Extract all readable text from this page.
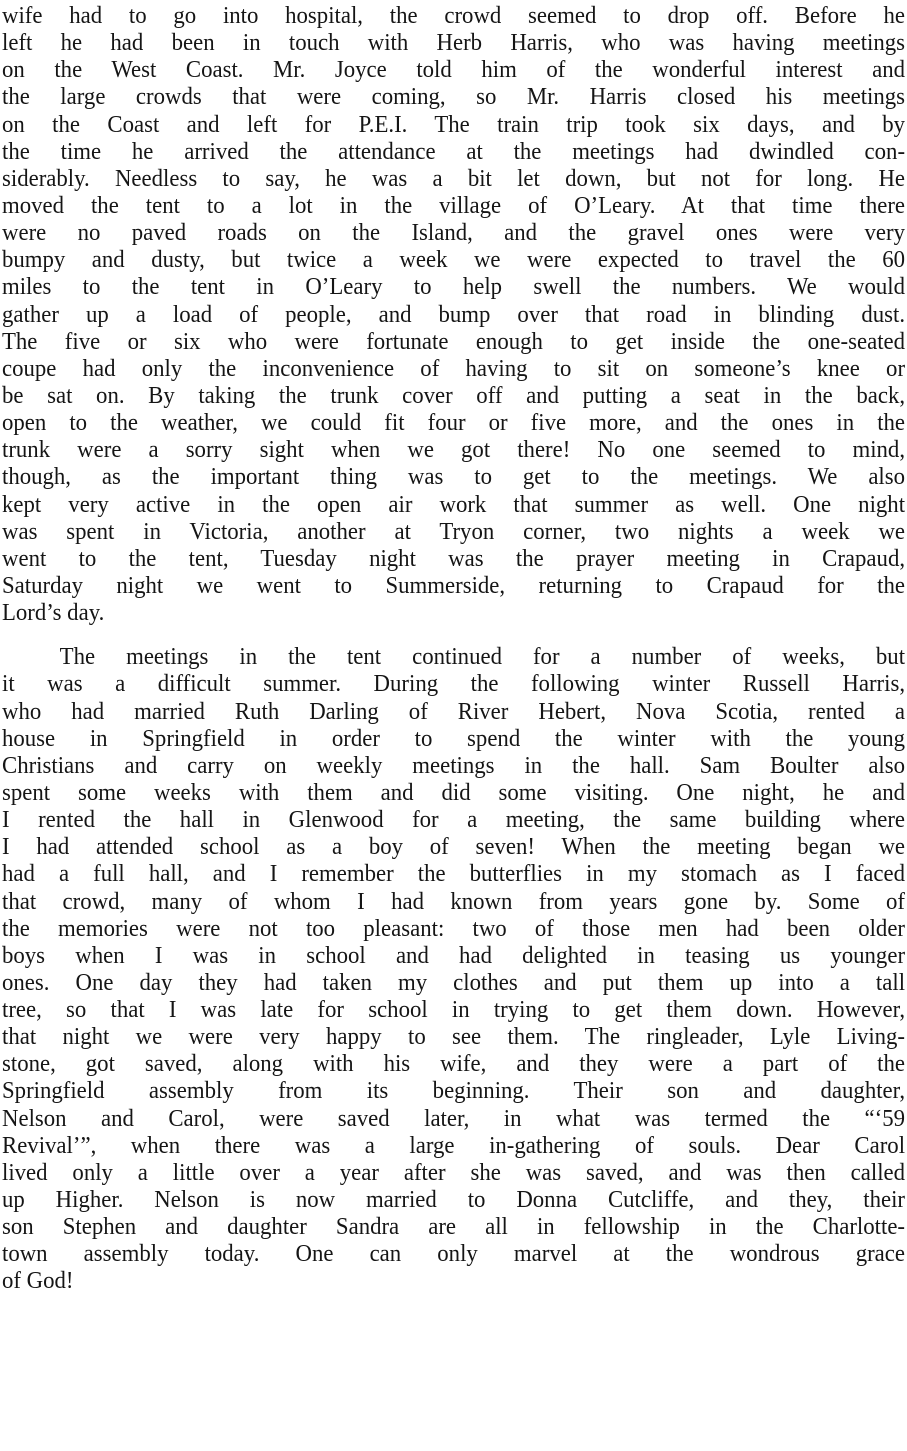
wife had to go into hospital, the crowd seemed to drop off. Before he
left he had been in touch with Herb Harris, who was having meetings
on the West Coast. Mr. Joyce told him of the wonderful interest and
the large crowds that were coming, so Mr. Harris closed his meetings
on the Coast and left for P.E.I. The train trip took six days, and by
the time he arrived the attendance at the meetings had dwindled con-
siderably. Needless to say, he was a bit let down, but not for long. He
moved the tent to a lot in the village of O’Leary. At that time there
were no paved roads on the Island, and the gravel ones were very
bumpy and dusty, but twice a week we were expected to travel the 60
miles to the tent in O’Leary to help swell the numbers. We would
gather up a load of people, and bump over that road in blinding dust.
The five or six who were fortunate enough to get inside the one-seated
coupe had only the inconvenience of having to sit on someone’s knee or
be sat on. By taking the trunk cover off and putting a seat in the back,
open to the weather, we could fit four or five more, and the ones in the
trunk were a sorry sight when we got there! No one seemed to mind,
though, as the important thing was to get to the meetings. We also
kept very active in the open air work that summer as well. One night
was spent in Victoria, another at Tryon corner, two nights a week we
went to the tent, Tuesday night was the prayer meeting in Crapaud,
Saturday night we went to Summerside, returning to Crapaud for the
Lord’s day.
The meetings in the tent continued for a number of weeks, but
it was a difficult summer. During the following winter Russell Harris,
who had married Ruth Darling of River Hebert, Nova Scotia, rented a
house in Springfield in order to spend the winter with the young
Christians and carry on weekly meetings in the hall. Sam Boulter also
spent some weeks with them and did some visiting. One night, he and
I rented the hall in Glenwood for a meeting, the same building where
I had attended school as a boy of seven! When the meeting began we
had a full hall, and I remember the butterflies in my stomach as I faced
that crowd, many of whom I had known from years gone by. Some of
the memories were not too pleasant: two of those men had been older
boys when I was in school and had delighted in teasing us younger
ones. One day they had taken my clothes and put them up into a tall
tree, so that I was late for school in trying to get them down. However,
that night we were very happy to see them. The ringleader, Lyle Living-
stone, got saved, along with his wife, and they were a part of the
Springfield assembly from its beginning. Their son and daughter,
Nelson and Carol, were saved later, in what was termed the “‘59
Revival’”, when there was a large in-gathering of souls. Dear Carol
lived only a little over a year after she was saved, and was then called
up Higher. Nelson is now married to Donna Cutcliffe, and they, their
son Stephen and daughter Sandra are all in fellowship in the Charlotte-
town assembly today. One can only marvel at the wondrous grace
of God!
